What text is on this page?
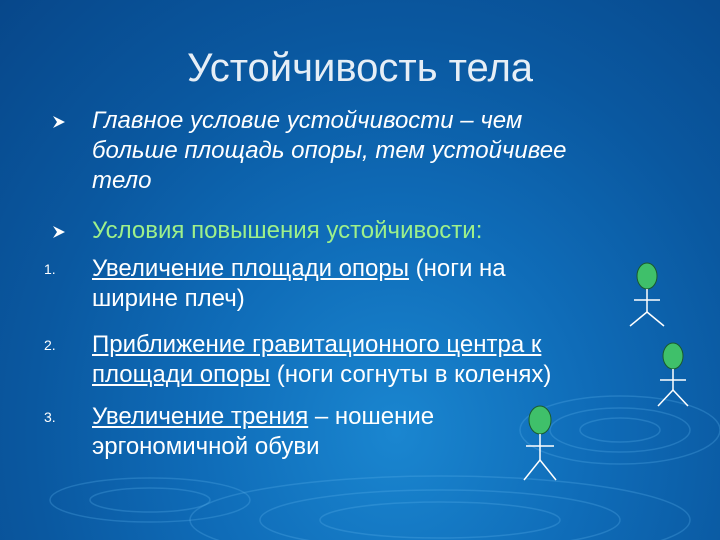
Устойчивость тела
Главное условие устойчивости – чем
больше площадь опоры, тем устойчивее
тело
Условия повышения устойчивости:
1. Увеличение площади опоры (ноги на
ширине плеч)
2. Приближение гравитационного центра к
площади опоры (ноги согнуты в коленях)
3. Увеличение трения – ношение
эргономичной обуви
